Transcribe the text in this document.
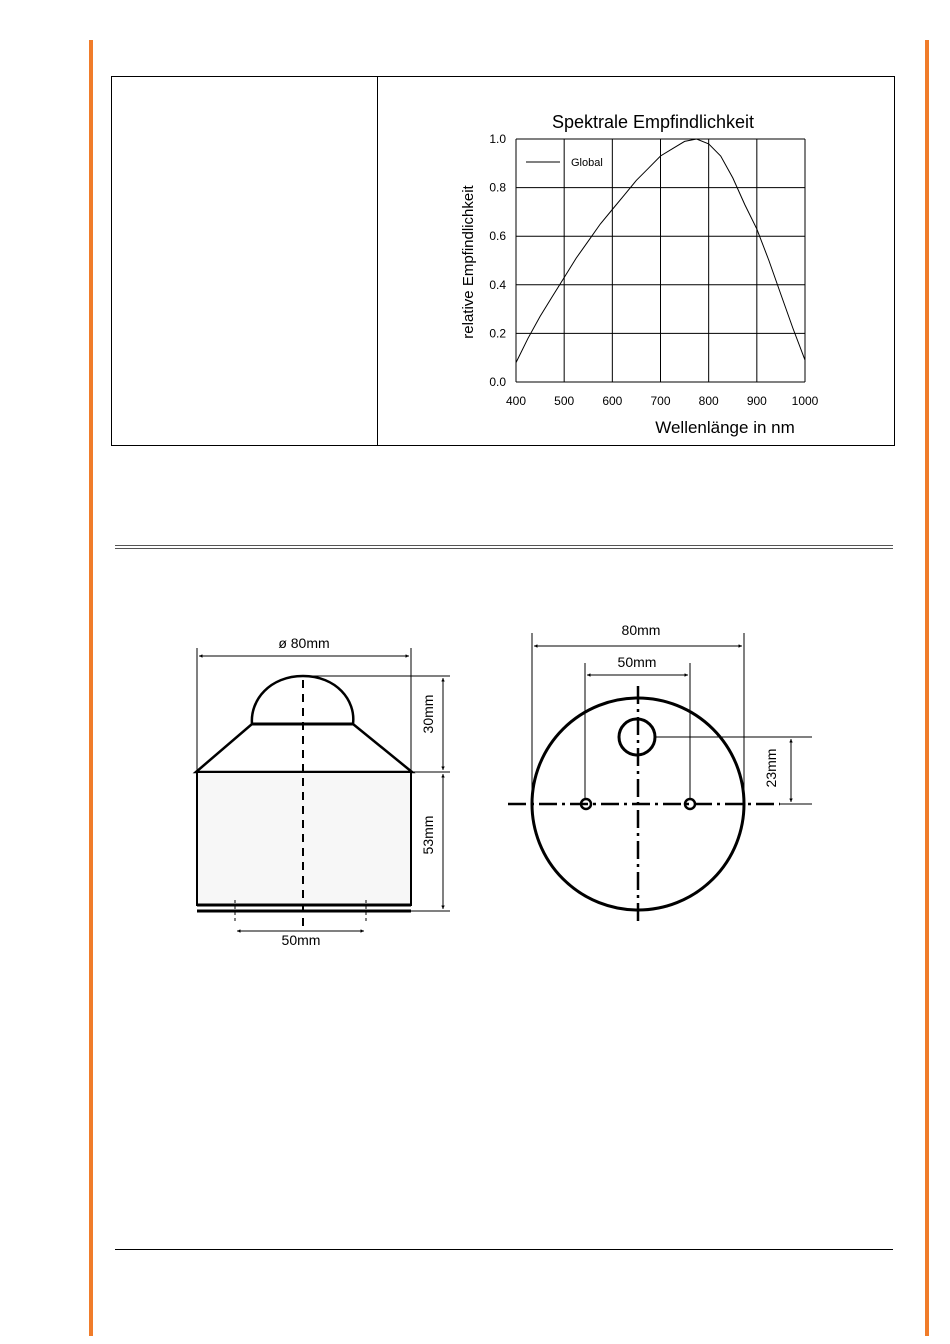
400 500 600 700 800 900 1000
0.0
0.2
0.4
0.6
0.8
1.0
Global
Spektrale Empfindlichkeit
Wellenlänge in nm
relative Empfindlichkeit
ø 80mm
30mm
53mm
50mm
80mm
50mm
23mm
